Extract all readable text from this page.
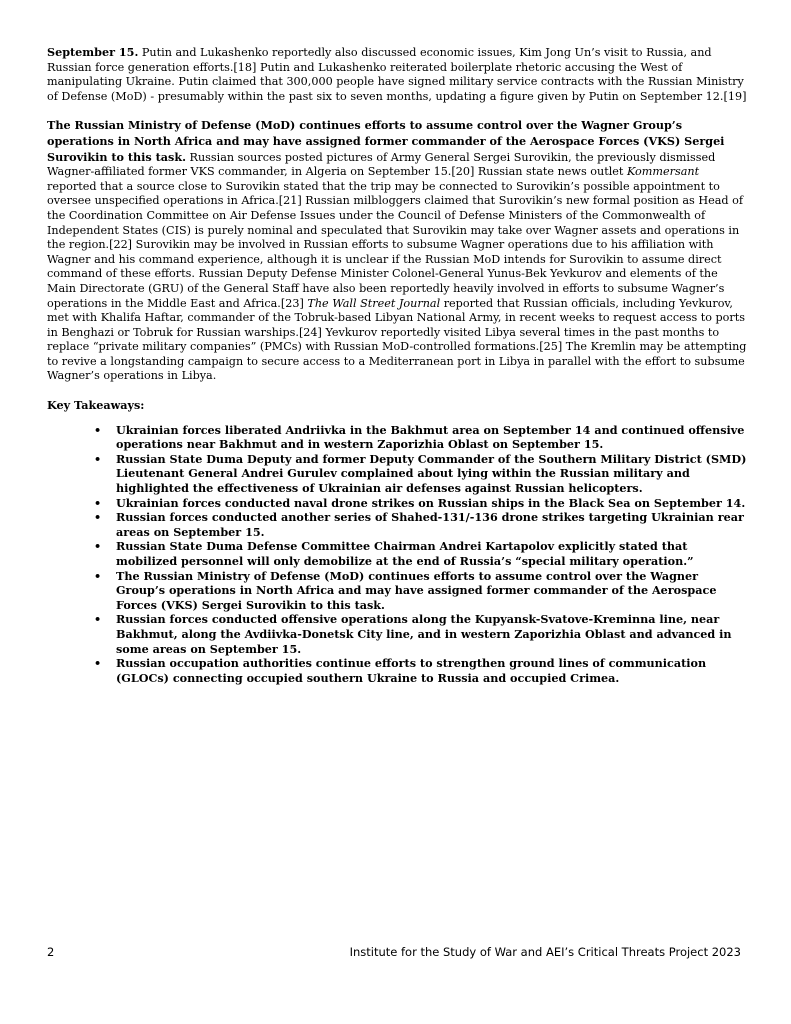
September 15. Putin and Lukashenko reportedly also discussed economic issues, Kim Jong Un’s visit to Russia, and Russian force generation efforts.[18] Putin and Lukashenko reiterated boilerplate rhetoric accusing the West of manipulating Ukraine. Putin claimed that 300,000 people have signed military service contracts with the Russian Ministry of Defense (MoD) - presumably within the past six to seven months, updating a figure given by Putin on September 12.[19]

The Russian Ministry of Defense (MoD) continues efforts to assume control over the Wagner Group’s operations in North Africa and may have assigned former commander of the Aerospace Forces (VKS) Sergei Surovikin to this task. Russian sources posted pictures of Army General Sergei Surovikin, the previously dismissed Wagner-affiliated former VKS commander, in Algeria on September 15.[20] Russian state news outlet Kommersant reported that a source close to Surovikin stated that the trip may be connected to Surovikin’s possible appointment to oversee unspecified operations in Africa.[21] Russian milbloggers claimed that Surovikin’s new formal position as Head of the Coordination Committee on Air Defense Issues under the Council of Defense Ministers of the Commonwealth of Independent States (CIS) is purely nominal and speculated that Surovikin may take over Wagner assets and operations in the region.[22] Surovikin may be involved in Russian efforts to subsume Wagner operations due to his affiliation with Wagner and his command experience, although it is unclear if the Russian MoD intends for Surovikin to assume direct command of these efforts. Russian Deputy Defense Minister Colonel-General Yunus-Bek Yevkurov and elements of the Main Directorate (GRU) of the General Staff have also been reportedly heavily involved in efforts to subsume Wagner’s operations in the Middle East and Africa.[23] The Wall Street Journal reported that Russian officials, including Yevkurov, met with Khalifa Haftar, commander of the Tobruk-based Libyan National Army, in recent weeks to request access to ports in Benghazi or Tobruk for Russian warships.[24] Yevkurov reportedly visited Libya several times in the past months to replace “private military companies” (PMCs) with Russian MoD-controlled formations.[25] The Kremlin may be attempting to revive a longstanding campaign to secure access to a Mediterranean port in Libya in parallel with the effort to subsume Wagner’s operations in Libya.

Key Takeaways:
• Ukrainian forces liberated Andriivka in the Bakhmut area on September 14 and continued offensive operations near Bakhmut and in western Zaporizhia Oblast on September 15.
• Russian State Duma Deputy and former Deputy Commander of the Southern Military District (SMD) Lieutenant General Andrei Gurulev complained about lying within the Russian military and highlighted the effectiveness of Ukrainian air defenses against Russian helicopters.
• Ukrainian forces conducted naval drone strikes on Russian ships in the Black Sea on September 14.
• Russian forces conducted another series of Shahed-131/-136 drone strikes targeting Ukrainian rear areas on September 15.
• Russian State Duma Defense Committee Chairman Andrei Kartapolov explicitly stated that mobilized personnel will only demobilize at the end of Russia’s “special military operation.”
• The Russian Ministry of Defense (MoD) continues efforts to assume control over the Wagner Group’s operations in North Africa and may have assigned former commander of the Aerospace Forces (VKS) Sergei Surovikin to this task.
• Russian forces conducted offensive operations along the Kupyansk-Svatove-Kreminna line, near Bakhmut, along the Avdiivka-Donetsk City line, and in western Zaporizhia Oblast and advanced in some areas on September 15.
• Russian occupation authorities continue efforts to strengthen ground lines of communication (GLOCs) connecting occupied southern Ukraine to Russia and occupied Crimea.
2	Institute for the Study of War and AEI’s Critical Threats Project 2023
